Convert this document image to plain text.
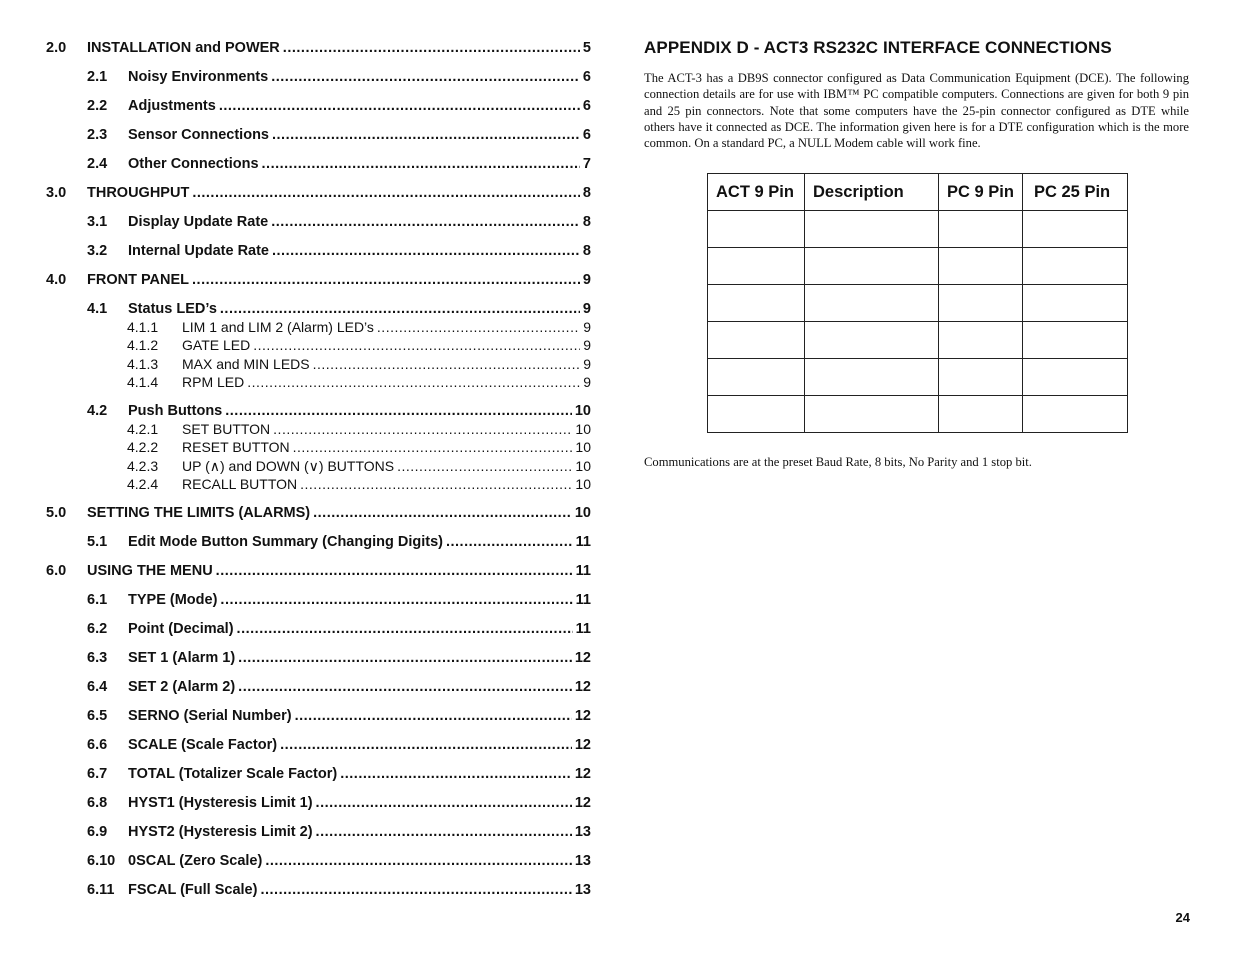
2.0	INSTALLATION and POWER .....	5
2.1	Noisy Environments .....	6
2.2	Adjustments .....	6
2.3	Sensor Connections .....	6
2.4	Other Connections .....	7
3.0	THROUGHPUT .....	8
3.1	Display Update Rate .....	8
3.2	Internal Update Rate .....	8
4.0	FRONT PANEL .....	9
4.1	Status LED’s .....	9
4.1.1	LIM 1 and LIM 2 (Alarm) LED’s .....	9
4.1.2	GATE LED .....	9
4.1.3	MAX and MIN LEDS .....	9
4.1.4	RPM LED .....	9
4.2	Push Buttons .....	10
4.2.1	SET BUTTON .....	10
4.2.2	RESET BUTTON .....	10
4.2.3	UP (∧) and DOWN (∨) BUTTONS .....	10
4.2.4	RECALL BUTTON .....	10
5.0	SETTING THE LIMITS (ALARMS) .....	10
5.1	Edit Mode Button Summary (Changing Digits) .....	11
6.0	USING THE MENU .....	11
6.1	TYPE (Mode) .....	11
6.2	Point (Decimal) .....	11
6.3	SET 1 (Alarm 1) .....	12
6.4	SET 2 (Alarm 2) .....	12
6.5	SERNO (Serial Number) .....	12
6.6	SCALE (Scale Factor) .....	12
6.7	TOTAL (Totalizer Scale Factor) .....	12
6.8	HYST1 (Hysteresis Limit 1) .....	12
6.9	HYST2 (Hysteresis Limit 2) .....	13
6.10 0SCAL (Zero Scale) .....	13
6.11 FSCAL (Full Scale) .....	13
APPENDIX D - ACT3 RS232C INTERFACE CONNECTIONS

The ACT-3 has a DB9S connector configured as Data Communication Equipment (DCE). The following connection details are for use with IBM™ PC compatible computers. Connections are given for both 9 pin and 25 pin connectors. Note that some computers have the 25-pin connector configured as DTE while others have it connected as DCE. The information given here is for a DTE configuration which is the more common. On a standard PC, a NULL Modem cable will work fine.

ACT 9 Pin	Description	PC 9 Pin	PC 25 Pin

Communications are at the preset Baud Rate, 8 bits, No Parity and 1 stop bit.
24
